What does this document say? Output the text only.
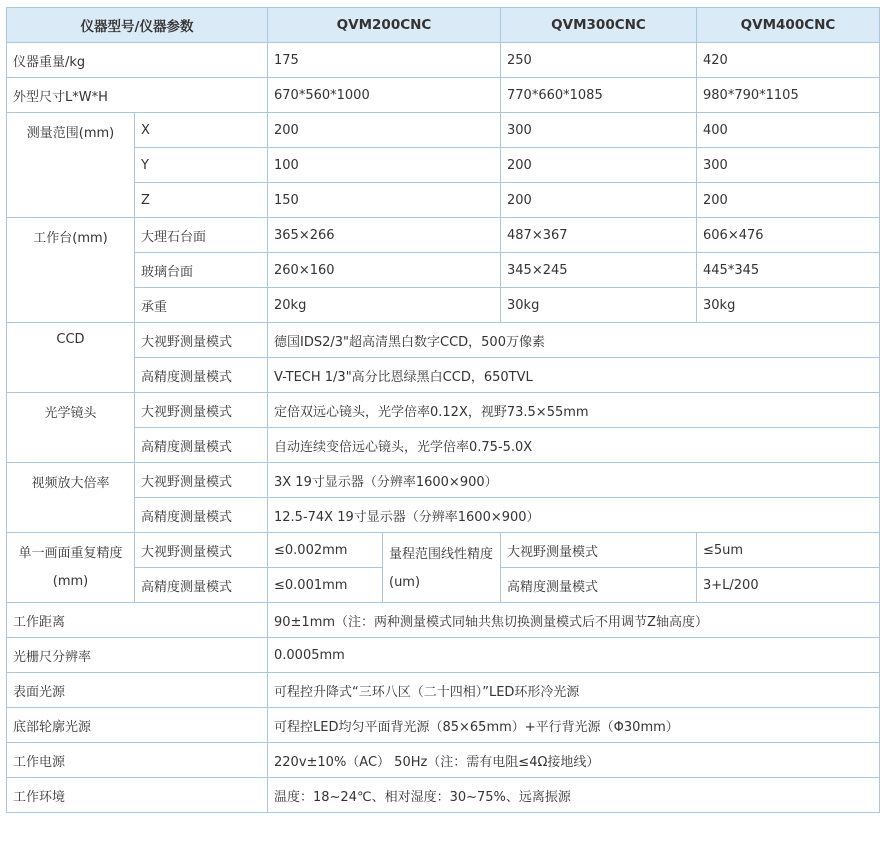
仪器型号/仪器参数		QVM200CNC		QVM300CNC	QVM400CNC
仪器重量/kg		175		250	420
外型尺寸L*W*H		670*560*1000		770*660*1085	980*790*1105
测量范围(mm)	X	200		300	400
	Y	100		200	300
	Z	150		200	200
工作台(mm)	大理石台面	365×266		487×367	606×476
	玻璃台面	260×160		345×245	445*345
	承重	20kg		30kg	30kg
CCD	大视野测量模式	德国IDS2/3"超高清黑白数字CCD，500万像素			
	高精度测量模式	V-TECH 1/3"高分比恩绿黑白CCD，650TVL			
光学镜头	大视野测量模式	定倍双远心镜头，光学倍率0.12X，视野73.5×55mm			
	高精度测量模式	自动连续变倍远心镜头，光学倍率0.75-5.0X			
视频放大倍率	大视野测量模式	3X 19寸显示器（分辨率1600×900）			
	高精度测量模式	12.5-74X 19寸显示器（分辨率1600×900）			
单一画面重复精度(mm)	大视野测量模式	≤0.002mm	量程范围线性精度(um)	大视野测量模式	≤5um
	高精度测量模式	≤0.001mm		高精度测量模式	3+L/200
工作距离		90±1mm（注：两种测量模式同轴共焦切换测量模式后不用调节Z轴高度）			
光栅尺分辨率		0.0005mm			
表面光源		可程控升降式“三环八区（二十四相）”LED环形冷光源			
底部轮廓光源		可程控LED均匀平面背光源（85×65mm）+平行背光源（Φ30mm）			
工作电源		220v±10%（AC） 50Hz（注：需有电阻≤4Ω接地线）			
工作环境		温度：18~24℃、相对湿度：30~75%、远离振源			
